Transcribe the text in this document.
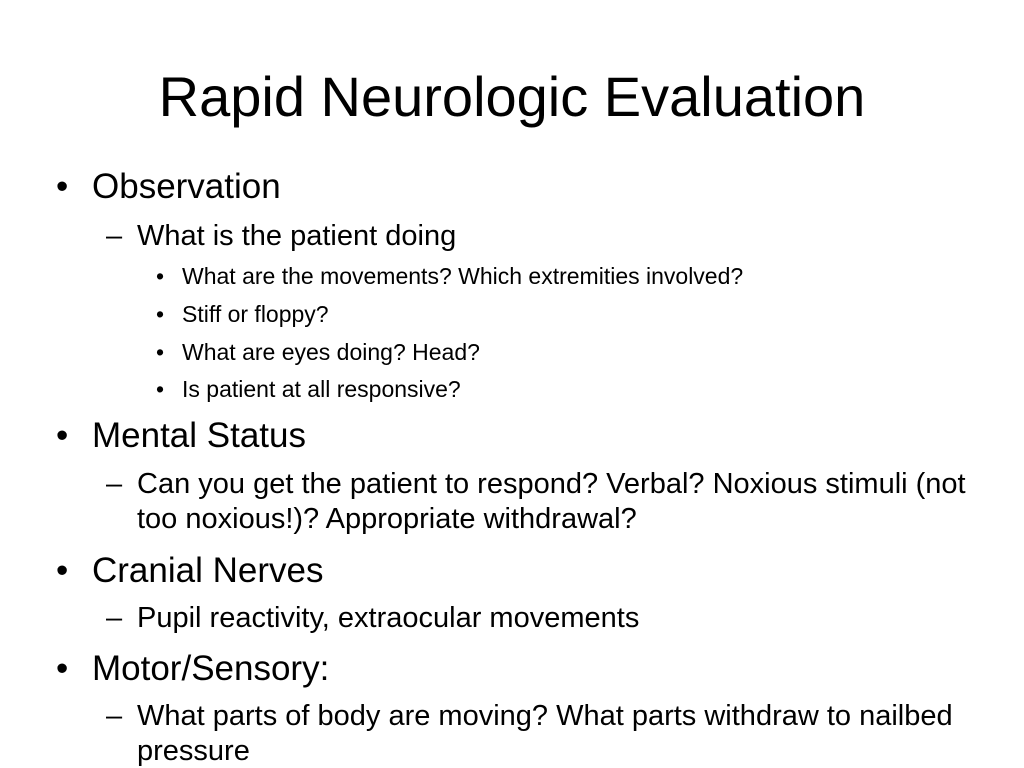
Rapid Neurologic Evaluation
• Observation
– What is the patient doing
• What are the movements? Which extremities involved?
• Stiff or floppy?
• What are eyes doing? Head?
• Is patient at all responsive?
• Mental Status
– Can you get the patient to respond? Verbal? Noxious stimuli (not too noxious!)? Appropriate withdrawal?
• Cranial Nerves
– Pupil reactivity, extraocular movements
• Motor/Sensory:
– What parts of body are moving? What parts withdraw to nailbed pressure
